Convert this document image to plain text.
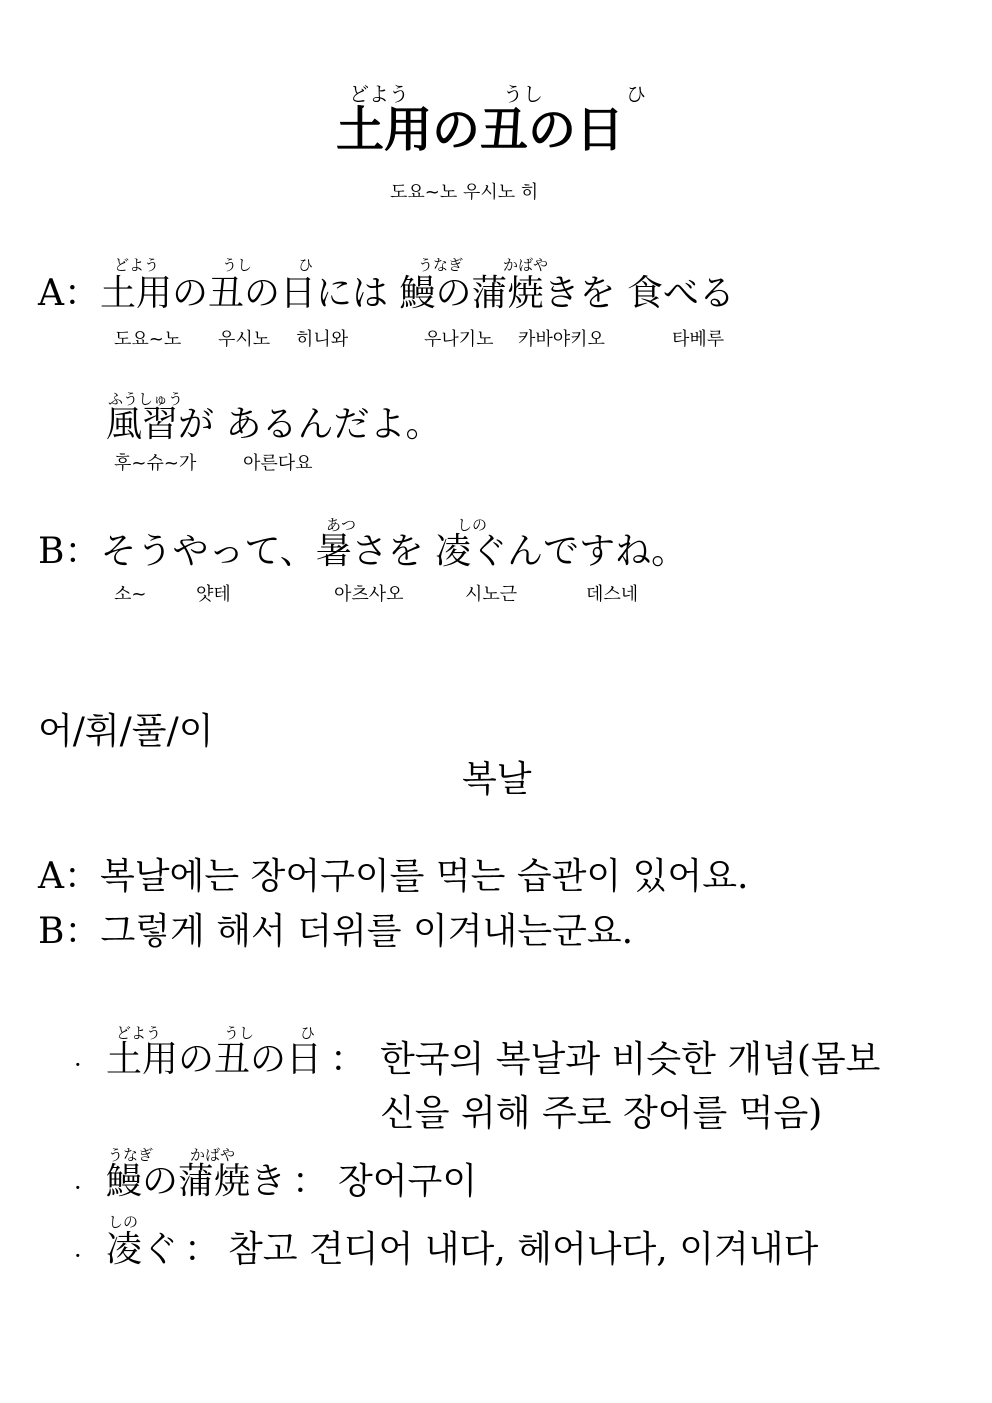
どよう	うし	ひ
土用の丑の日
도요~노 우시노 히
どよう	うし	ひ	うなぎ	かばや
A：土用の丑の日には 鰻の蒲焼きを 食べる
도요~노 우시노 히니와	우나기노 카바야키오	타베루
ふうしゅう
風習が あるんだよ。
후~슈~가	아른다요
あつ	しの
B：そうやって、暑さを 凌ぐんですね。
소~	얏테	아츠사오	시노근	데스네
어/휘/풀/이
복날
A：복날에는 장어구이를 먹는 습관이 있어요.
B：그렇게 해서 더위를 이겨내는군요.
·
どよう	うし	ひ
土用の丑の日 ： 한국의 복날과 비슷한 개념(몸보
신을 위해 주로 장어를 먹음)
·
うなぎ かばや
鰻の蒲焼き ： 장어구이
·
しの
凌ぐ ： 참고 견디어 내다, 헤어나다, 이겨내다
